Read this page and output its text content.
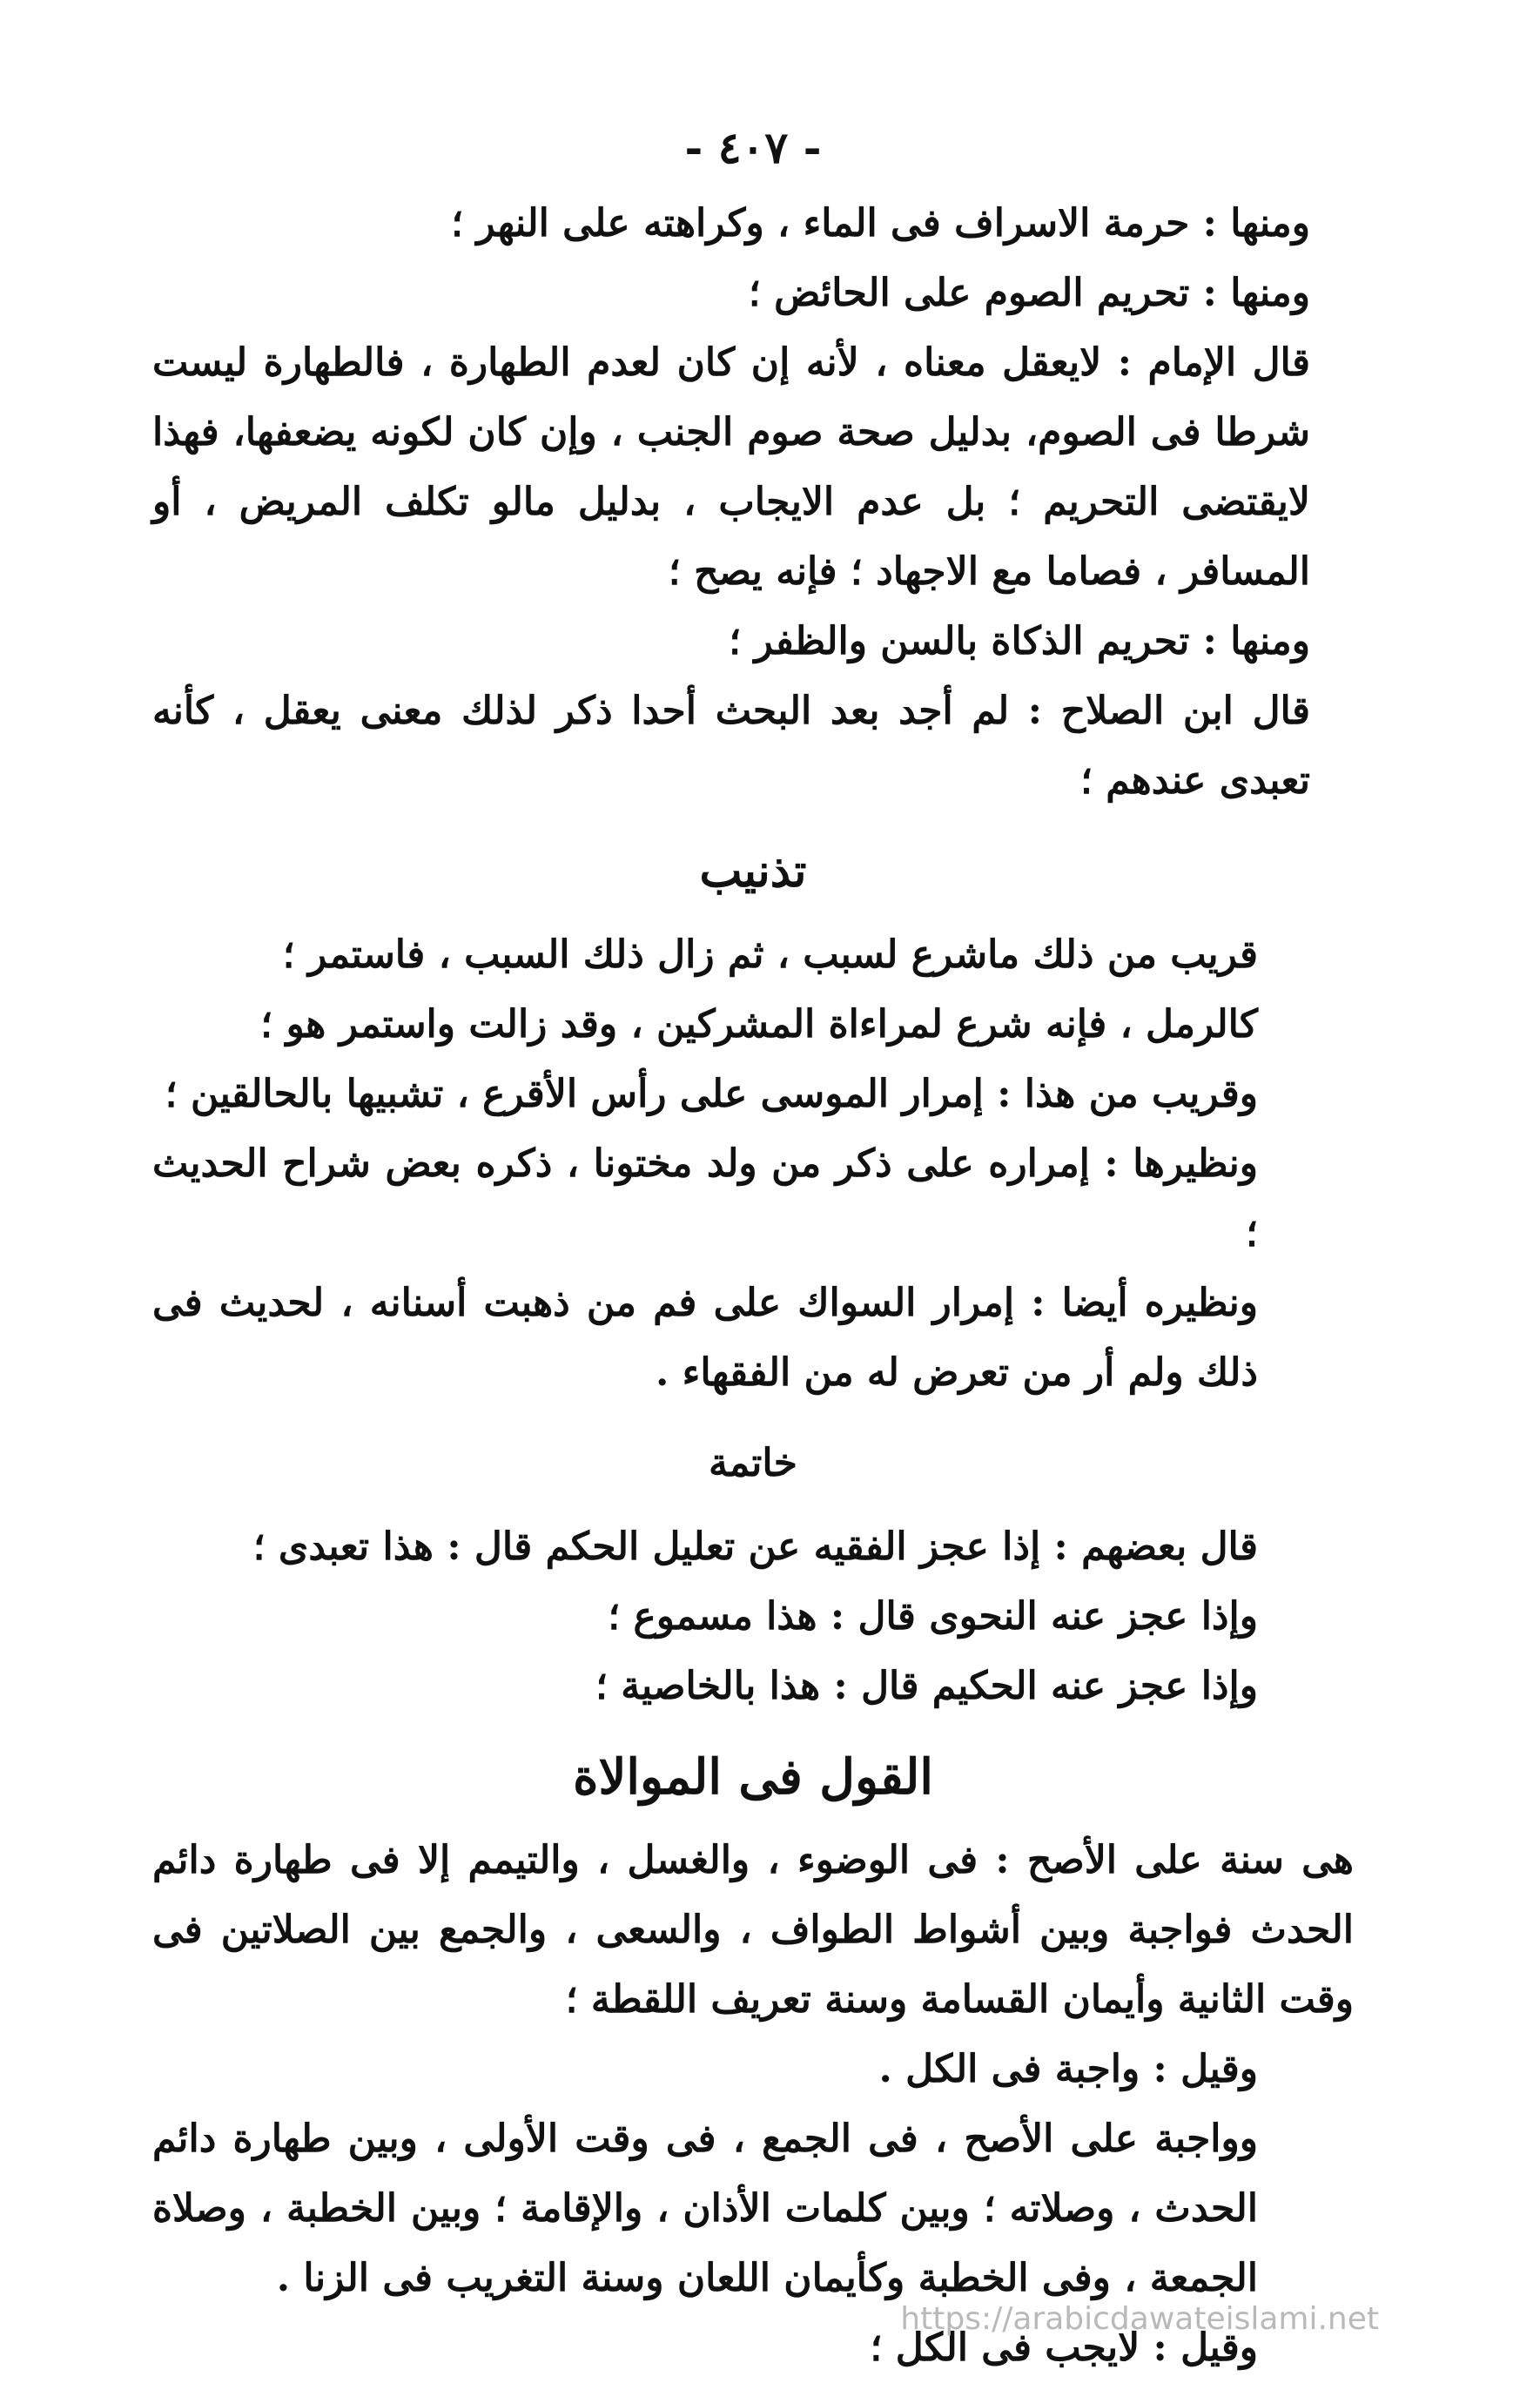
- ٤٠٧ -

ومنها : حرمة الاسراف فى الماء ، وكراهته على النهر ؛

ومنها : تحريم الصوم على الحائض ؛

قال الإمام : لايعقل معناه ، لأنه إن كان لعدم الطهارة ، فالطهارة ليست شرطا فى الصوم، بدليل صحة صوم الجنب ، وإن كان لكونه يضعفها، فهذا لايقتضى التحريم ؛ بل عدم الايجاب ، بدليل مالو تكلف المريض ، أو المسافر ، فصاما مع الاجهاد ؛ فإنه يصح ؛

ومنها : تحريم الذكاة بالسن والظفر ؛

قال ابن الصلاح : لم أجد بعد البحث أحدا ذكر لذلك معنى يعقل ، كأنه تعبدى عندهم ؛

تذنيب

قريب من ذلك ماشرع لسبب ، ثم زال ذلك السبب ، فاستمر ؛

كالرمل ، فإنه شرع لمراءاة المشركين ، وقد زالت واستمر هو ؛

وقريب من هذا : إمرار الموسى على رأس الأقرع ، تشبيها بالحالقين ؛

ونظيرها : إمراره على ذكر من ولد مختونا ، ذكره بعض شراح الحديث ؛

ونظيره أيضا : إمرار السواك على فم من ذهبت أسنانه ، لحديث فى ذلك ولم أر من تعرض له من الفقهاء .

خاتمة

قال بعضهم : إذا عجز الفقيه عن تعليل الحكم قال : هذا تعبدى ؛

وإذا عجز عنه النحوى قال : هذا مسموع ؛

وإذا عجز عنه الحكيم قال : هذا بالخاصية ؛

القول فى الموالاة

هى سنة على الأصح : فى الوضوء ، والغسل ، والتيمم إلا فى طهارة دائم الحدث فواجبة وبين أشواط الطواف ، والسعى ، والجمع بين الصلاتين فى وقت الثانية وأيمان القسامة وسنة تعريف اللقطة ؛

وقيل : واجبة فى الكل .

وواجبة على الأصح ، فى الجمع ، فى وقت الأولى ، وبين طهارة دائم الحدث ، وصلاته ؛ وبين كلمات الأذان ، والإقامة ؛ وبين الخطبة ، وصلاة الجمعة ، وفى الخطبة وكأيمان اللعان وسنة التغريب فى الزنا .

وقيل : لايجب فى الكل ؛

https://arabicdawateislami.net
